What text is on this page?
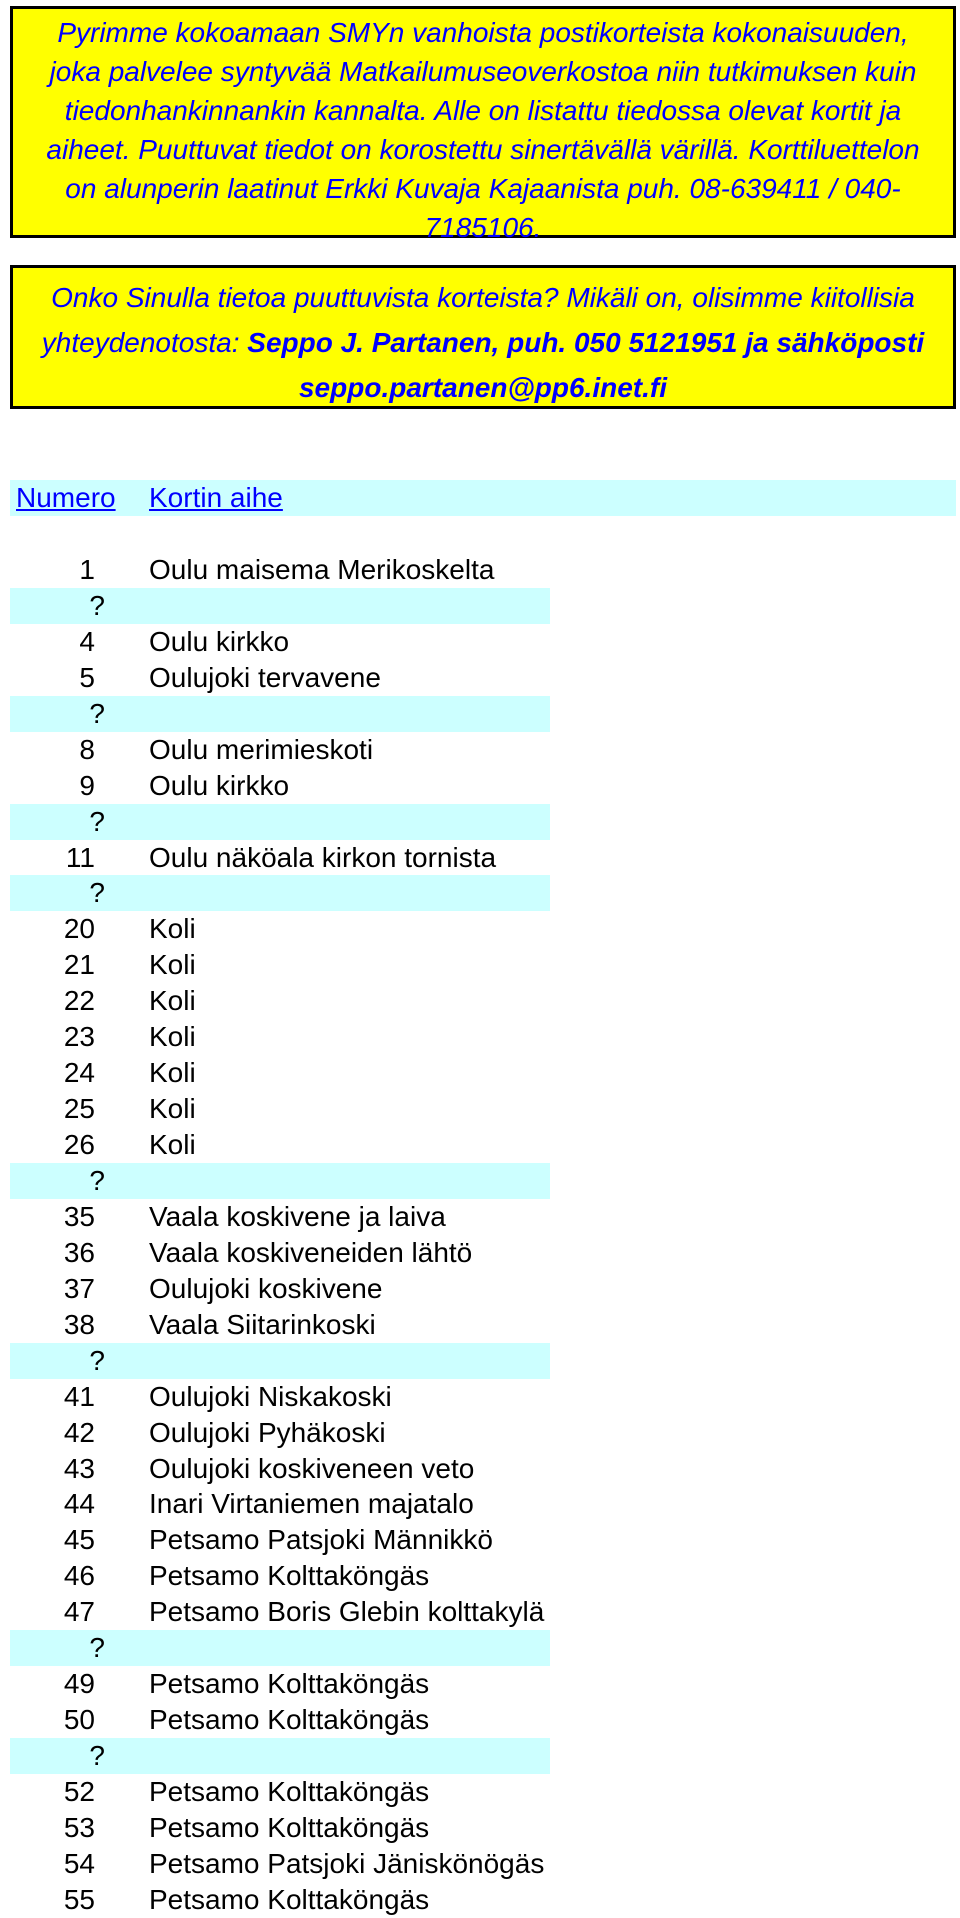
Pyrimme kokoamaan SMYn vanhoista postikorteista kokonaisuuden, joka palvelee syntyvää Matkailumuseoverkostoa niin tutkimuksen kuin tiedonhankinnankin kannalta. Alle on listattu tiedossa olevat kortit ja aiheet. Puuttuvat tiedot on korostettu sinertävällä värillä. Korttiluettelon on alunperin laatinut Erkki Kuvaja Kajaanista puh. 08-639411 / 040-7185106.
Onko Sinulla tietoa puuttuvista korteista? Mikäli on, olisimme kiitollisia yhteydenotosta: Seppo J. Partanen, puh. 050 5121951 ja sähköposti seppo.partanen@pp6.inet.fi
Numero Kortin aihe
1 Oulu maisema Merikoskelta
?
4 Oulu kirkko
5 Oulujoki tervavene
?
8 Oulu merimieskoti
9 Oulu kirkko
?
11 Oulu näköala kirkon tornista
?
20 Koli
21 Koli
22 Koli
23 Koli
24 Koli
25 Koli
26 Koli
?
35 Vaala koskivene ja laiva
36 Vaala koskiveneiden lähtö
37 Oulujoki koskivene
38 Vaala Siitarinkoski
?
41 Oulujoki Niskakoski
42 Oulujoki Pyhäkoski
43 Oulujoki koskiveneen veto
44 Inari Virtaniemen majatalo
45 Petsamo Patsjoki Männikkö
46 Petsamo Kolttaköngäs
47 Petsamo Boris Glebin kolttakylä
?
49 Petsamo Kolttaköngäs
50 Petsamo Kolttaköngäs
?
52 Petsamo Kolttaköngäs
53 Petsamo Kolttaköngäs
54 Petsamo Patsjoki Jäniskönögäs
55 Petsamo Kolttaköngäs
